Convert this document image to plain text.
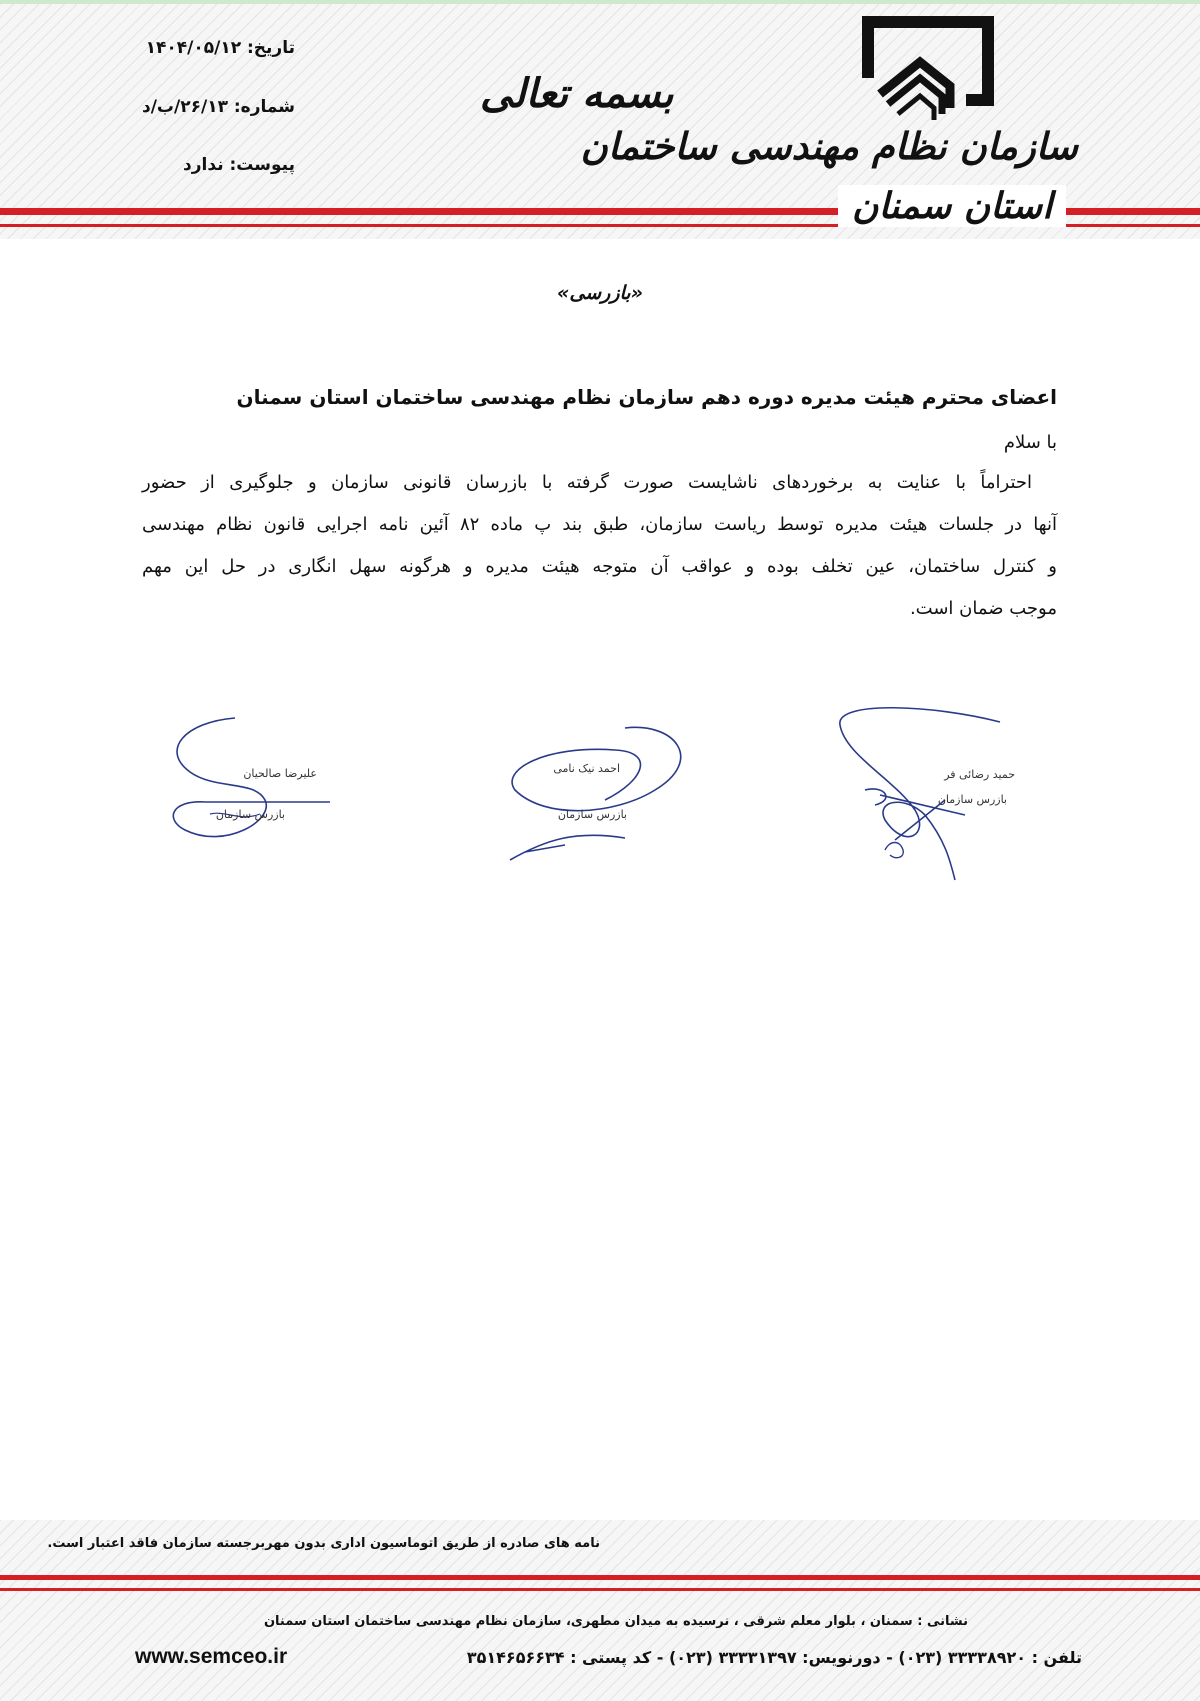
تاریخ: ۱۴۰۴/۰۵/۱۲
شماره: ۲۶/۱۳/ب/د
پیوست: ندارد
بسمه تعالی
سازمان نظام مهندسی ساختمان
استان سمنان
«بازرسی»
اعضای محترم هیئت مدیره دوره دهم سازمان نظام مهندسی ساختمان استان سمنان
با سلام
احتراماً با عنایت به برخوردهای ناشایست صورت گرفته با بازرسان قانونی سازمان و جلوگیری از حضور
آنها در جلسات هیئت مدیره توسط ریاست سازمان، طبق بند پ ماده ۸۲ آئین نامه اجرایی قانون نظام مهندسی
و کنترل ساختمان، عین تخلف بوده و عواقب آن متوجه هیئت مدیره و هرگونه سهل انگاری در حل این مهم
موجب ضمان است.
علیرضا صالحیان
بازرس سازمان
احمد نیک نامی
بازرس سازمان
حمید رضائی فر
بازرس سازمان
نامه های صادره از طریق اتوماسیون اداری بدون مهربرجسته سازمان فاقد اعتبار است.
نشانی : سمنان ، بلوار معلم شرقی ، نرسیده به میدان مطهری، سازمان نظام مهندسی ساختمان استان سمنان
تلفن : ۳۳۳۳۸۹۲۰ (۰۲۳) - دورنویس: ۳۳۳۳۱۳۹۷ (۰۲۳) - کد پستی : ۳۵۱۴۶۵۶۶۳۴
www.semceo.ir
